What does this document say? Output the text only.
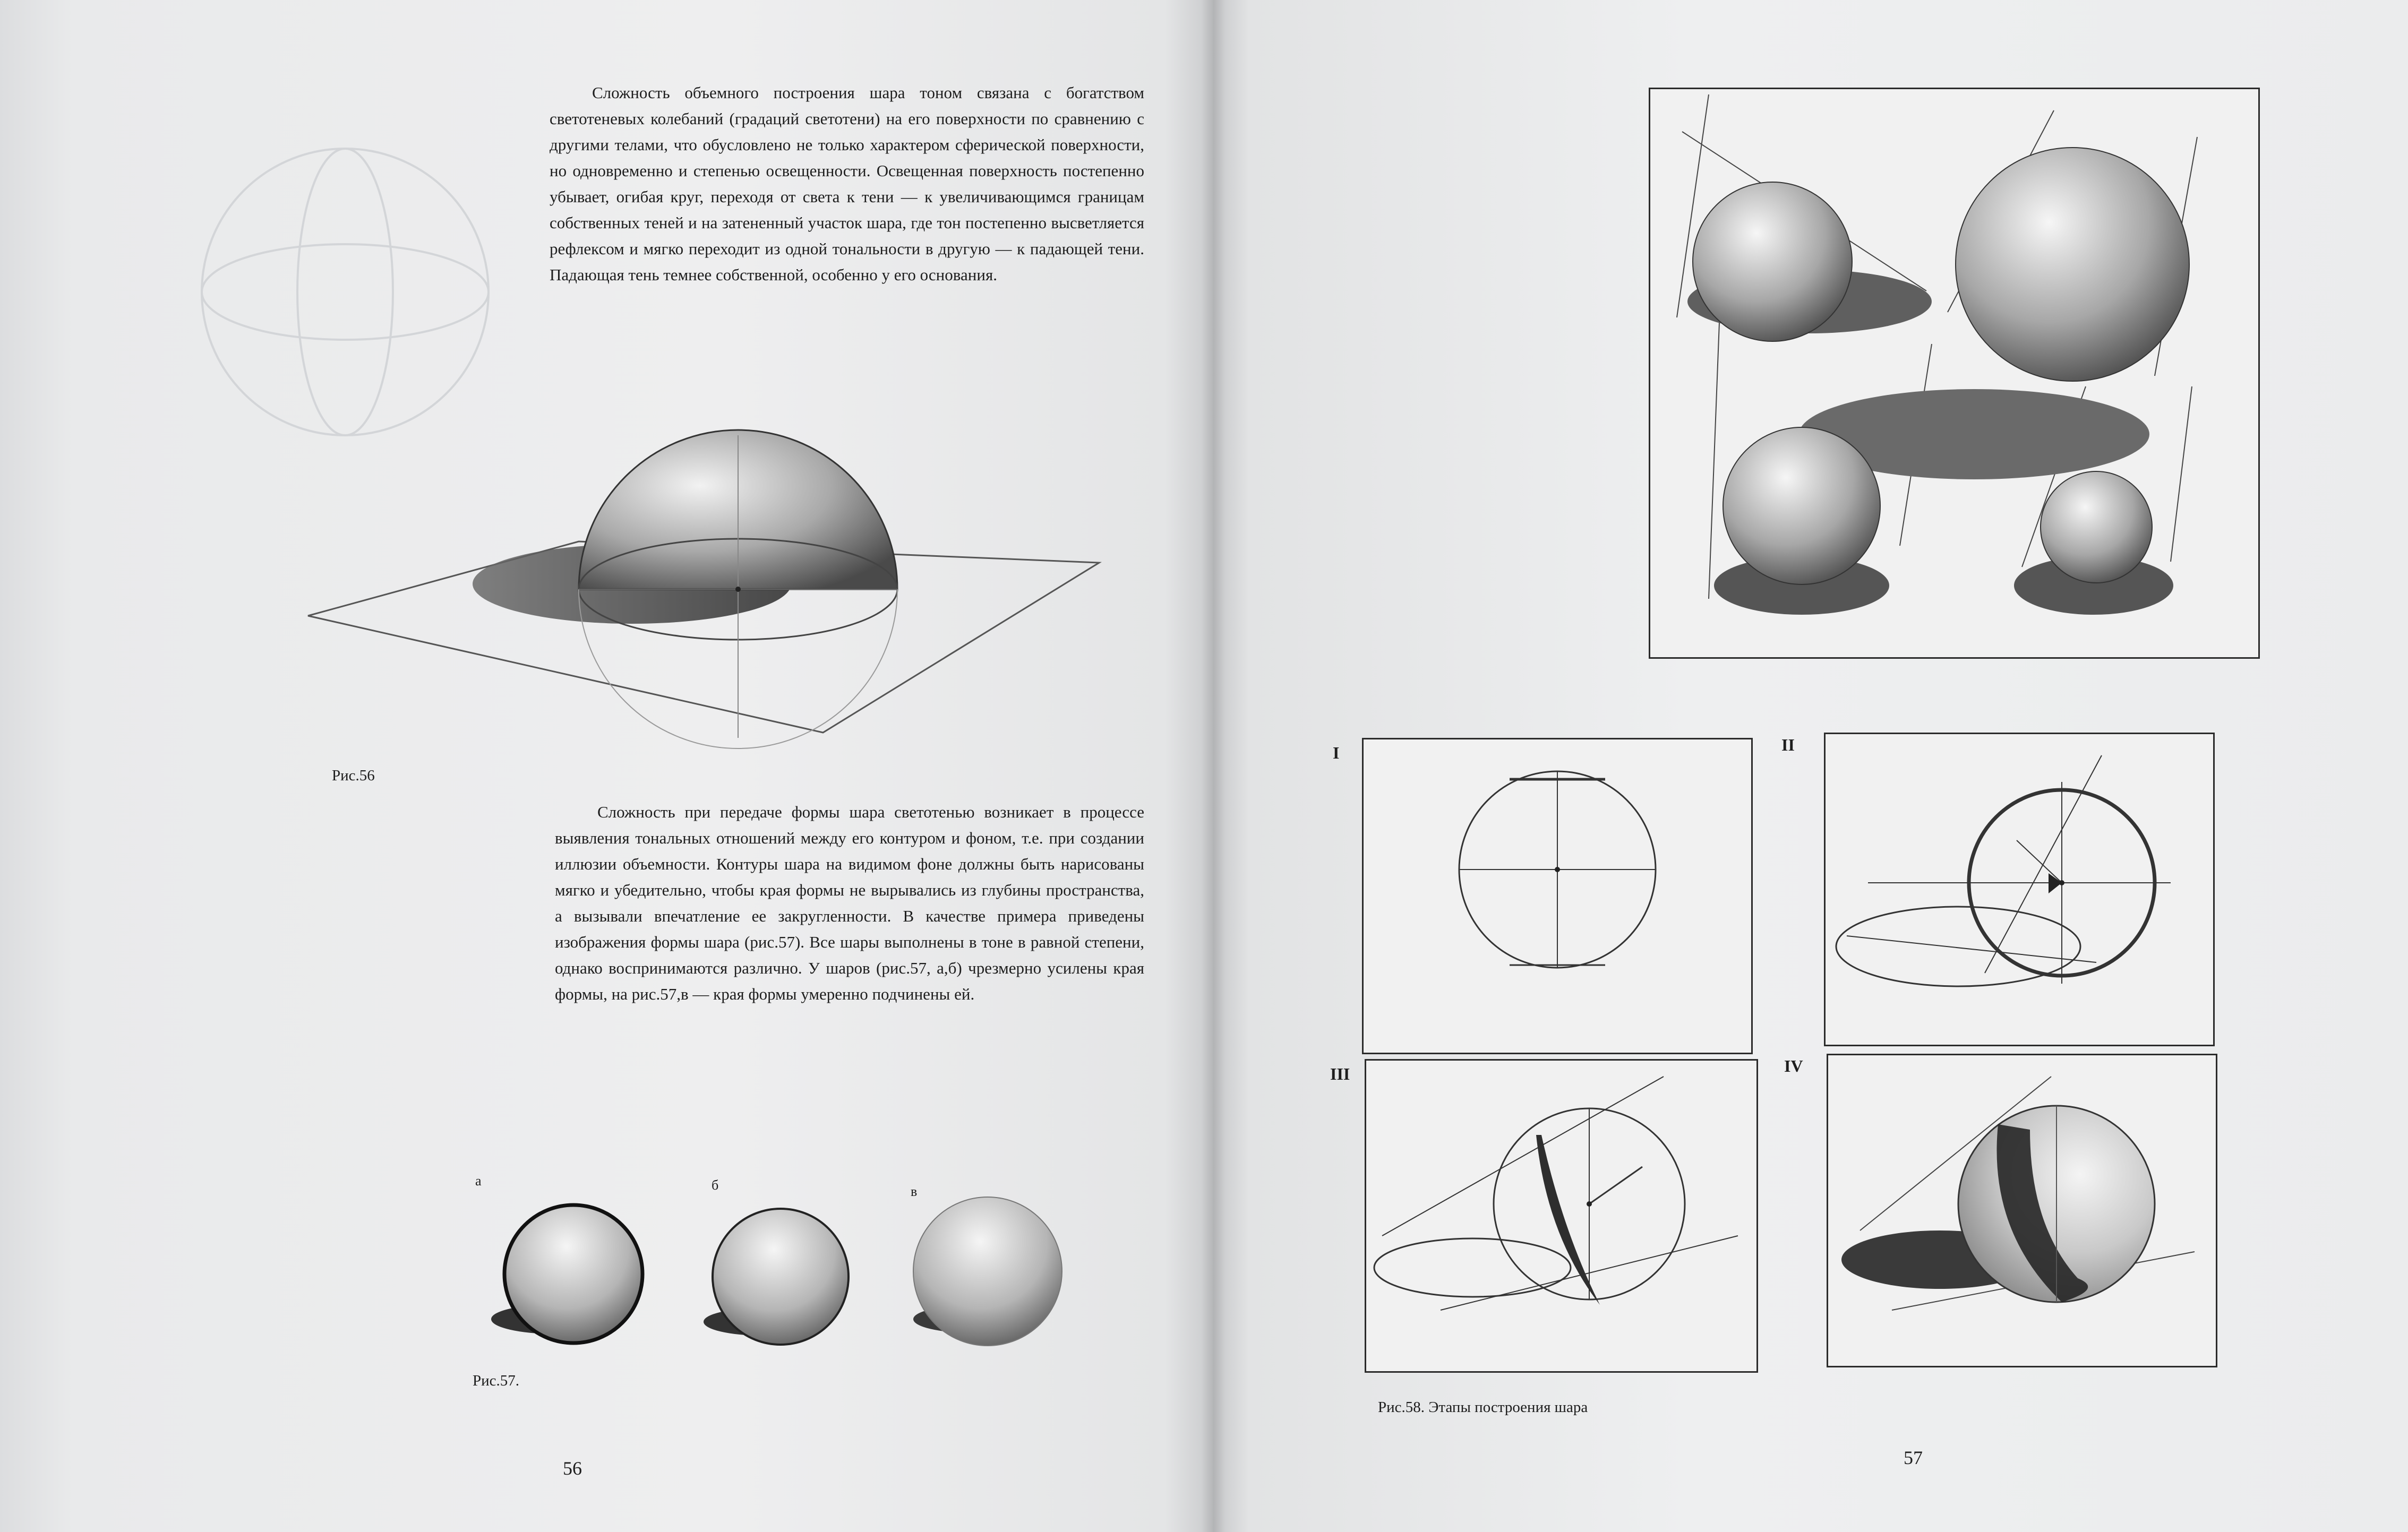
Сложность объемного построения шара тоном связана с богатством светотеневых колебаний (градаций светотени) на его поверхности по сравнению с другими телами, что обусловлено не только характером сферической поверхности, но одновременно и степенью освещенности. Освещенная поверхность постепенно убывает, огибая круг, переходя от света к тени — к увеличивающимся границам собственных теней и на затененный участок шара, где тон постепенно высветляется рефлексом и мягко переходит из одной тональности в другую — к падающей тени. Падающая тень темнее собственной, особенно у его основания.

Рис.56

Сложность при передаче формы шара светотенью возникает в процессе выявления тональных отношений между его контуром и фоном, т.е. при создании иллюзии объемности. Контуры шара на видимом фоне должны быть нарисованы мягко и убедительно, чтобы края формы не вырывались из глубины пространства, а вызывали впечатление ее закругленности. В качестве примера приведены изображения формы шара (рис.57). Все шары выполнены в тоне в равной степени, однако воспринимаются различно. У шаров (рис.57, а,б) чрезмерно усилены края формы, на рис.57,в — края формы умеренно подчинены ей.

а	б	в
Рис.57.
56
I	II
III	IV
Рис.58. Этапы построения шара
57
